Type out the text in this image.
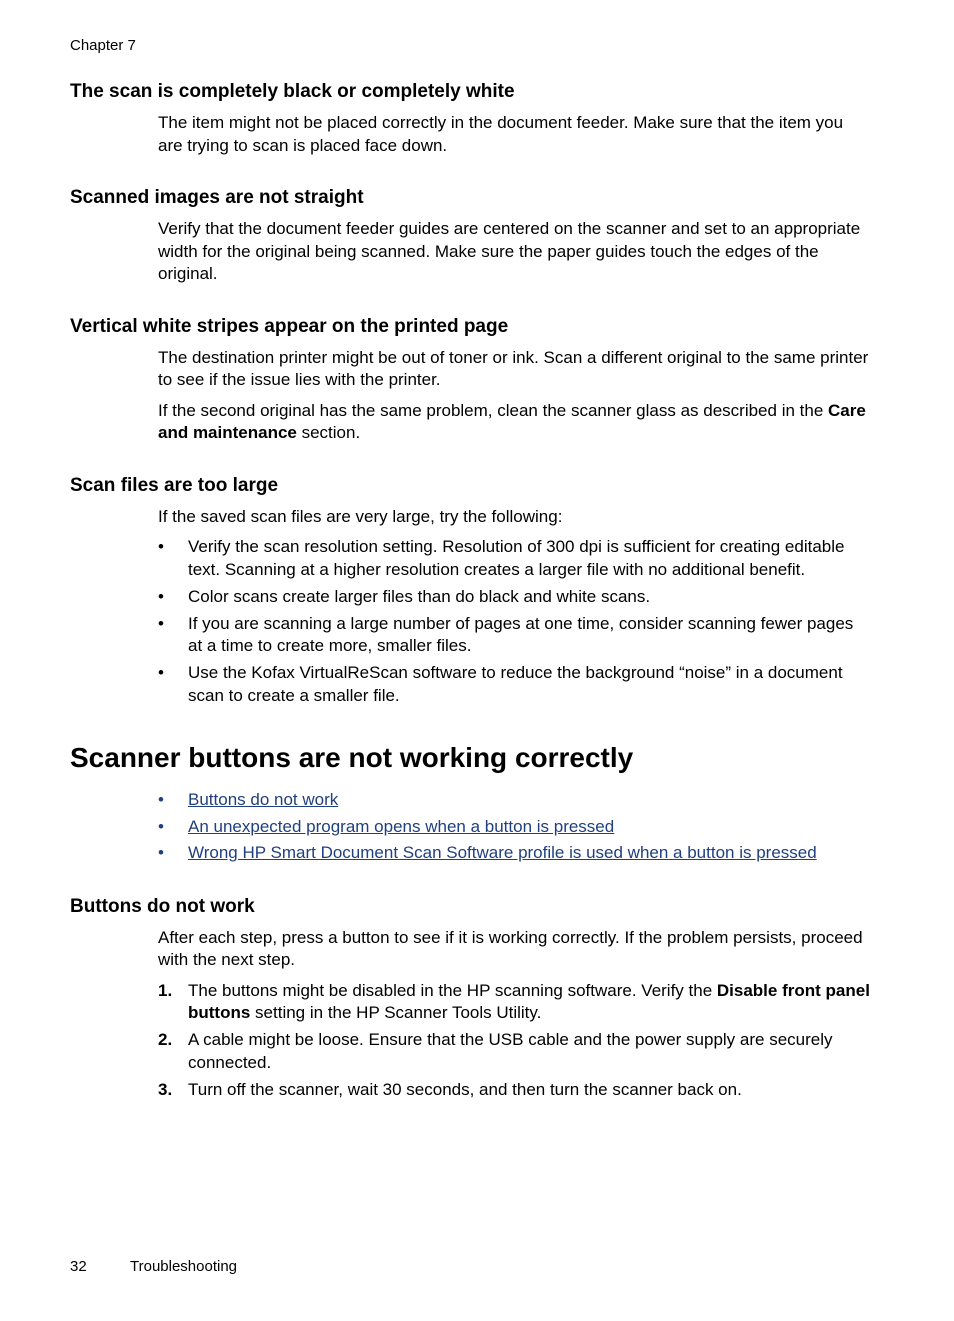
Chapter 7
The scan is completely black or completely white

The item might not be placed correctly in the document feeder. Make sure that the item you are trying to scan is placed face down.

Scanned images are not straight

Verify that the document feeder guides are centered on the scanner and set to an appropriate width for the original being scanned. Make sure the paper guides touch the edges of the original.

Vertical white stripes appear on the printed page

The destination printer might be out of toner or ink. Scan a different original to the same printer to see if the issue lies with the printer.

If the second original has the same problem, clean the scanner glass as described in the Care and maintenance section.

Scan files are too large

If the saved scan files are very large, try the following:

• Verify the scan resolution setting. Resolution of 300 dpi is sufficient for creating editable text. Scanning at a higher resolution creates a larger file with no additional benefit.
• Color scans create larger files than do black and white scans.
• If you are scanning a large number of pages at one time, consider scanning fewer pages at a time to create more, smaller files.
• Use the Kofax VirtualReScan software to reduce the background “noise” in a document scan to create a smaller file.
Scanner buttons are not working correctly
• Buttons do not work
• An unexpected program opens when a button is pressed
• Wrong HP Smart Document Scan Software profile is used when a button is pressed
Buttons do not work

After each step, press a button to see if it is working correctly. If the problem persists, proceed with the next step.

1. The buttons might be disabled in the HP scanning software. Verify the Disable front panel buttons setting in the HP Scanner Tools Utility.
2. A cable might be loose. Ensure that the USB cable and the power supply are securely connected.
3. Turn off the scanner, wait 30 seconds, and then turn the scanner back on.
32	Troubleshooting
